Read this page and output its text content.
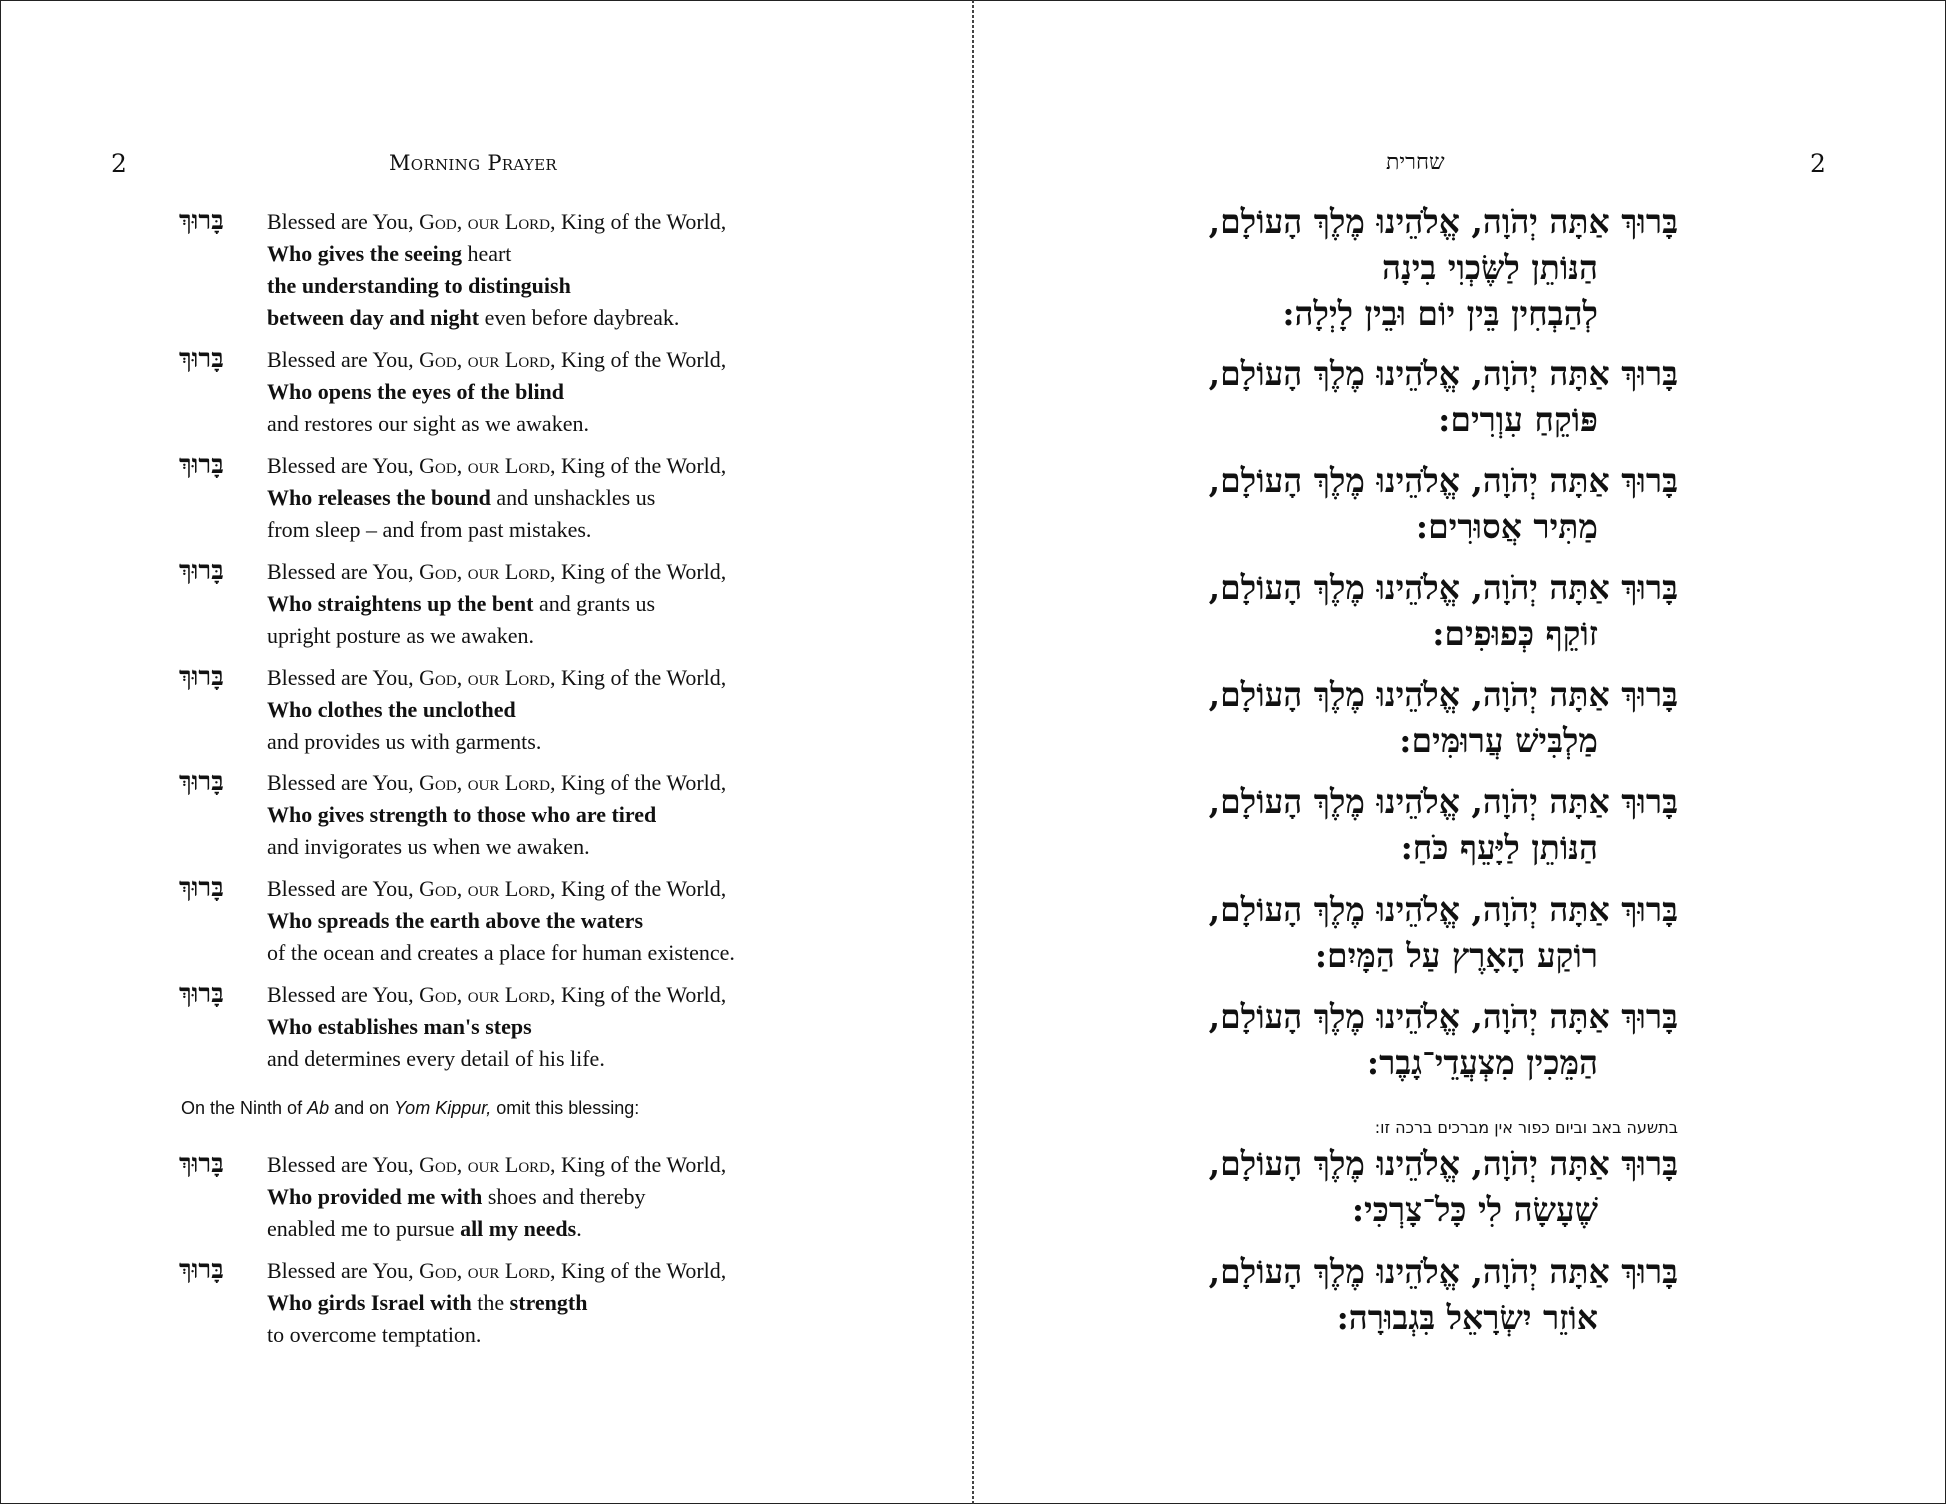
2	Morning Prayer
בָּרוּךְ Blessed are You, God, our Lord, King of the World,
Who gives the seeing heart
the understanding to distinguish
between day and night even before daybreak.
בָּרוּךְ Blessed are You, God, our Lord, King of the World,
Who opens the eyes of the blind
and restores our sight as we awaken.
בָּרוּךְ Blessed are You, God, our Lord, King of the World,
Who releases the bound and unshackles us
from sleep – and from past mistakes.
בָּרוּךְ Blessed are You, God, our Lord, King of the World,
Who straightens up the bent and grants us
upright posture as we awaken.
בָּרוּךְ Blessed are You, God, our Lord, King of the World,
Who clothes the unclothed
and provides us with garments.
בָּרוּךְ Blessed are You, God, our Lord, King of the World,
Who gives strength to those who are tired
and invigorates us when we awaken.
בָּרוּךְ Blessed are You, God, our Lord, King of the World,
Who spreads the earth above the waters
of the ocean and creates a place for human existence.
בָּרוּךְ Blessed are You, God, our Lord, King of the World,
Who establishes man's steps
and determines every detail of his life.
בָּרוּךְ Blessed are You, God, our Lord, King of the World,
Who provided me with shoes and thereby
enabled me to pursue all my needs.
בָּרוּךְ Blessed are You, God, our Lord, King of the World,
Who girds Israel with the strength
to overcome temptation.
On the Ninth of Ab and on Yom Kippur, omit this blessing:
שחרית	2
בָּרוּךְ אַתָּה יְהֹוָה, אֱלֹהֵינוּ מֶלֶךְ הָעוֹלָם,
הַנּוֹתֵן לַשֶּׂכְוִי בִינָה
לְהַבְחִין בֵּין יוֹם וּבֵין לָיְלָה:
בָּרוּךְ אַתָּה יְהֹוָה, אֱלֹהֵינוּ מֶלֶךְ הָעוֹלָם,
פּוֹקֵחַ עִוְרִים:
בָּרוּךְ אַתָּה יְהֹוָה, אֱלֹהֵינוּ מֶלֶךְ הָעוֹלָם,
מַתִּיר אֲסוּרִים:
בָּרוּךְ אַתָּה יְהֹוָה, אֱלֹהֵינוּ מֶלֶךְ הָעוֹלָם,
זוֹקֵף כְּפוּפִים:
בָּרוּךְ אַתָּה יְהֹוָה, אֱלֹהֵינוּ מֶלֶךְ הָעוֹלָם,
מַלְבִּישׁ עֲרוּמִּים:
בָּרוּךְ אַתָּה יְהֹוָה, אֱלֹהֵינוּ מֶלֶךְ הָעוֹלָם,
הַנּוֹתֵן לַיָּעֵף כֹּחַ:
בָּרוּךְ אַתָּה יְהֹוָה, אֱלֹהֵינוּ מֶלֶךְ הָעוֹלָם,
רוֹקַע הָאָרֶץ עַל הַמָּיִם:
בָּרוּךְ אַתָּה יְהֹוָה, אֱלֹהֵינוּ מֶלֶךְ הָעוֹלָם,
הַמֵּכִין מִצְעֲדֵי־גָבֶר:
בָּרוּךְ אַתָּה יְהֹוָה, אֱלֹהֵינוּ מֶלֶךְ הָעוֹלָם,
שֶׁעָשָׂה לִי כָּל־צָרְכִּי:
בָּרוּךְ אַתָּה יְהֹוָה, אֱלֹהֵינוּ מֶלֶךְ הָעוֹלָם,
אוֹזֵר יִשְׂרָאֵל בִּגְבוּרָה:
בתשעה באב וביום כפור אין מברכים ברכה זו:
